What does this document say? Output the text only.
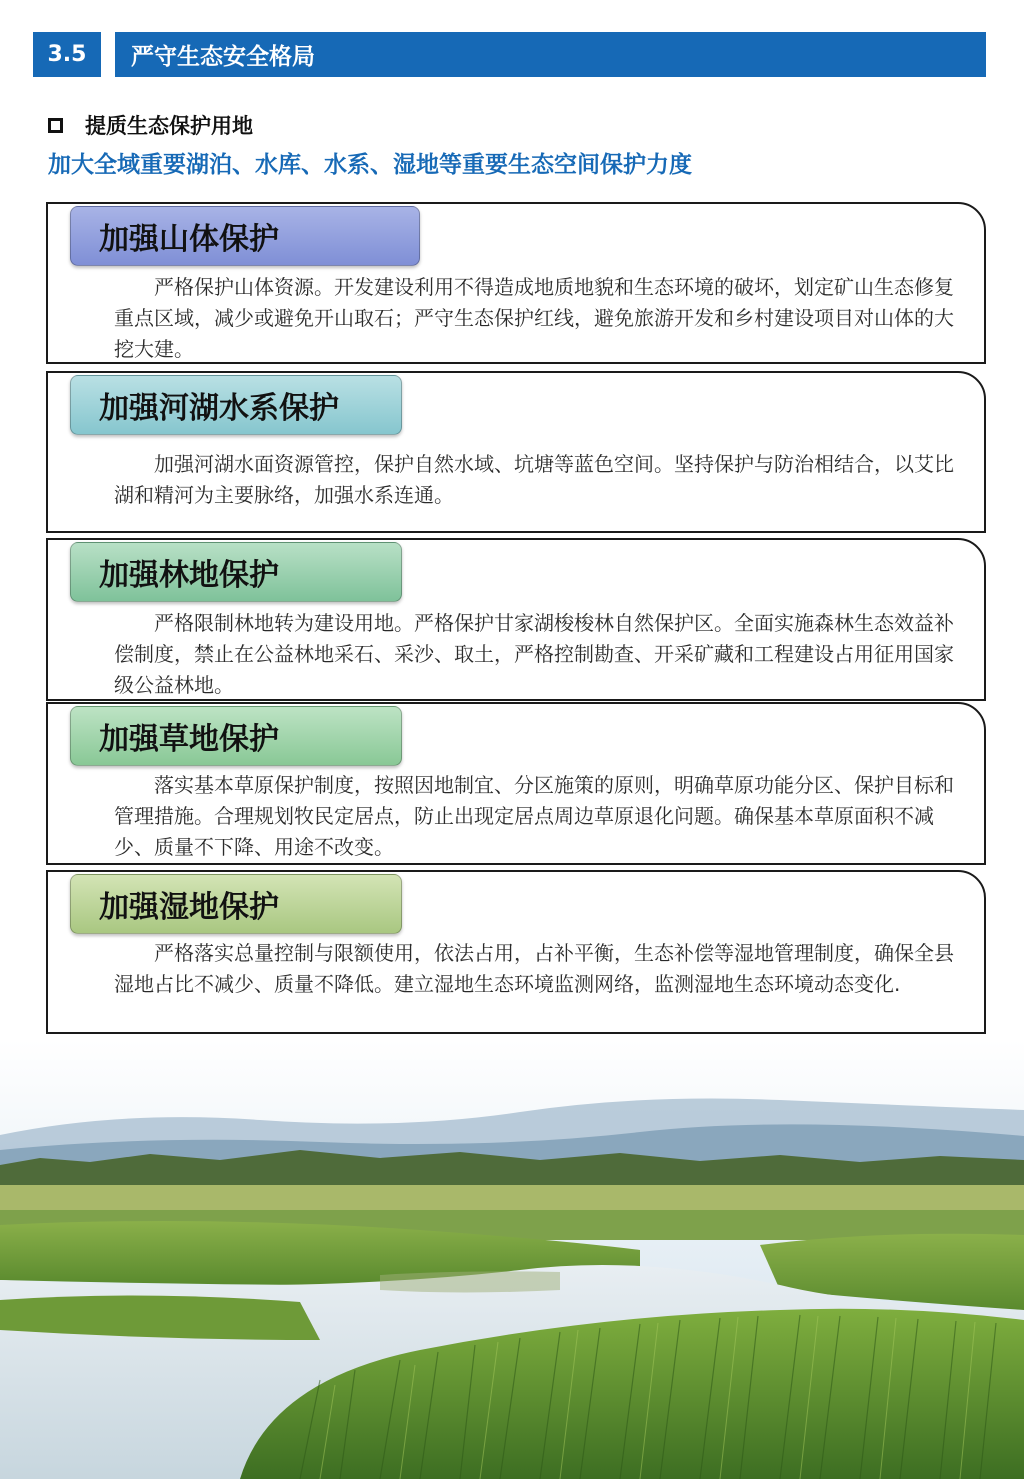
3.5	严守生态安全格局
提质生态保护用地
加大全域重要湖泊、水库、水系、湿地等重要生态空间保护力度
加强山体保护

严格保护山体资源。开发建设利用不得造成地质地貌和生态环境的破坏，划定矿山生态修复重点区域，减少或避免开山取石；严守生态保护红线，避免旅游开发和乡村建设项目对山体的大挖大建。

加强河湖水系保护

加强河湖水面资源管控，保护自然水域、坑塘等蓝色空间。坚持保护与防治相结合，以艾比湖和精河为主要脉络，加强水系连通。

加强林地保护

严格限制林地转为建设用地。严格保护甘家湖梭梭林自然保护区。全面实施森林生态效益补偿制度，禁止在公益林地采石、采沙、取土，严格控制勘查、开采矿藏和工程建设占用征用国家级公益林地。

加强草地保护

落实基本草原保护制度，按照因地制宜、分区施策的原则，明确草原功能分区、保护目标和管理措施。合理规划牧民定居点，防止出现定居点周边草原退化问题。确保基本草原面积不减少、质量不下降、用途不改变。

加强湿地保护

严格落实总量控制与限额使用，依法占用，占补平衡，生态补偿等湿地管理制度，确保全县湿地占比不减少、质量不降低。建立湿地生态环境监测网络，监测湿地生态环境动态变化.
